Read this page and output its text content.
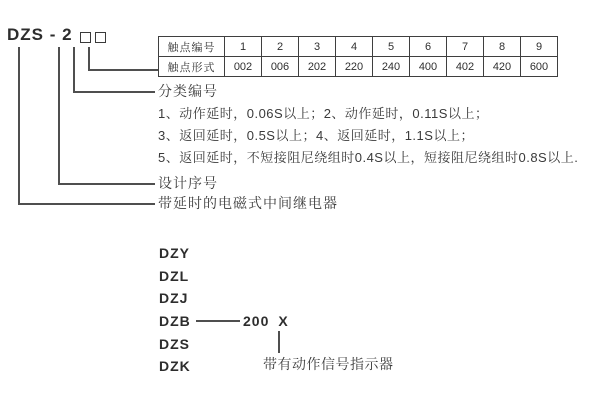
DZS - 2
触点编号	1	2	3	4	5	6	7	8	9
触点形式	002	006	202	220	240	400	402	420	600
分类编号
1、动作延时，0.06S以上；2、动作延时，0.11S以上；
3、返回延时，0.5S以上；4、返回延时，1.1S以上；
5、返回延时，不短接阻尼绕组时0.4S以上，短接阻尼绕组时0.8S以上.
设计序号
带延时的电磁式中间继电器
DZY
DZL
DZJ
DZB
DZS
DZK
200 X
带有动作信号指示器
